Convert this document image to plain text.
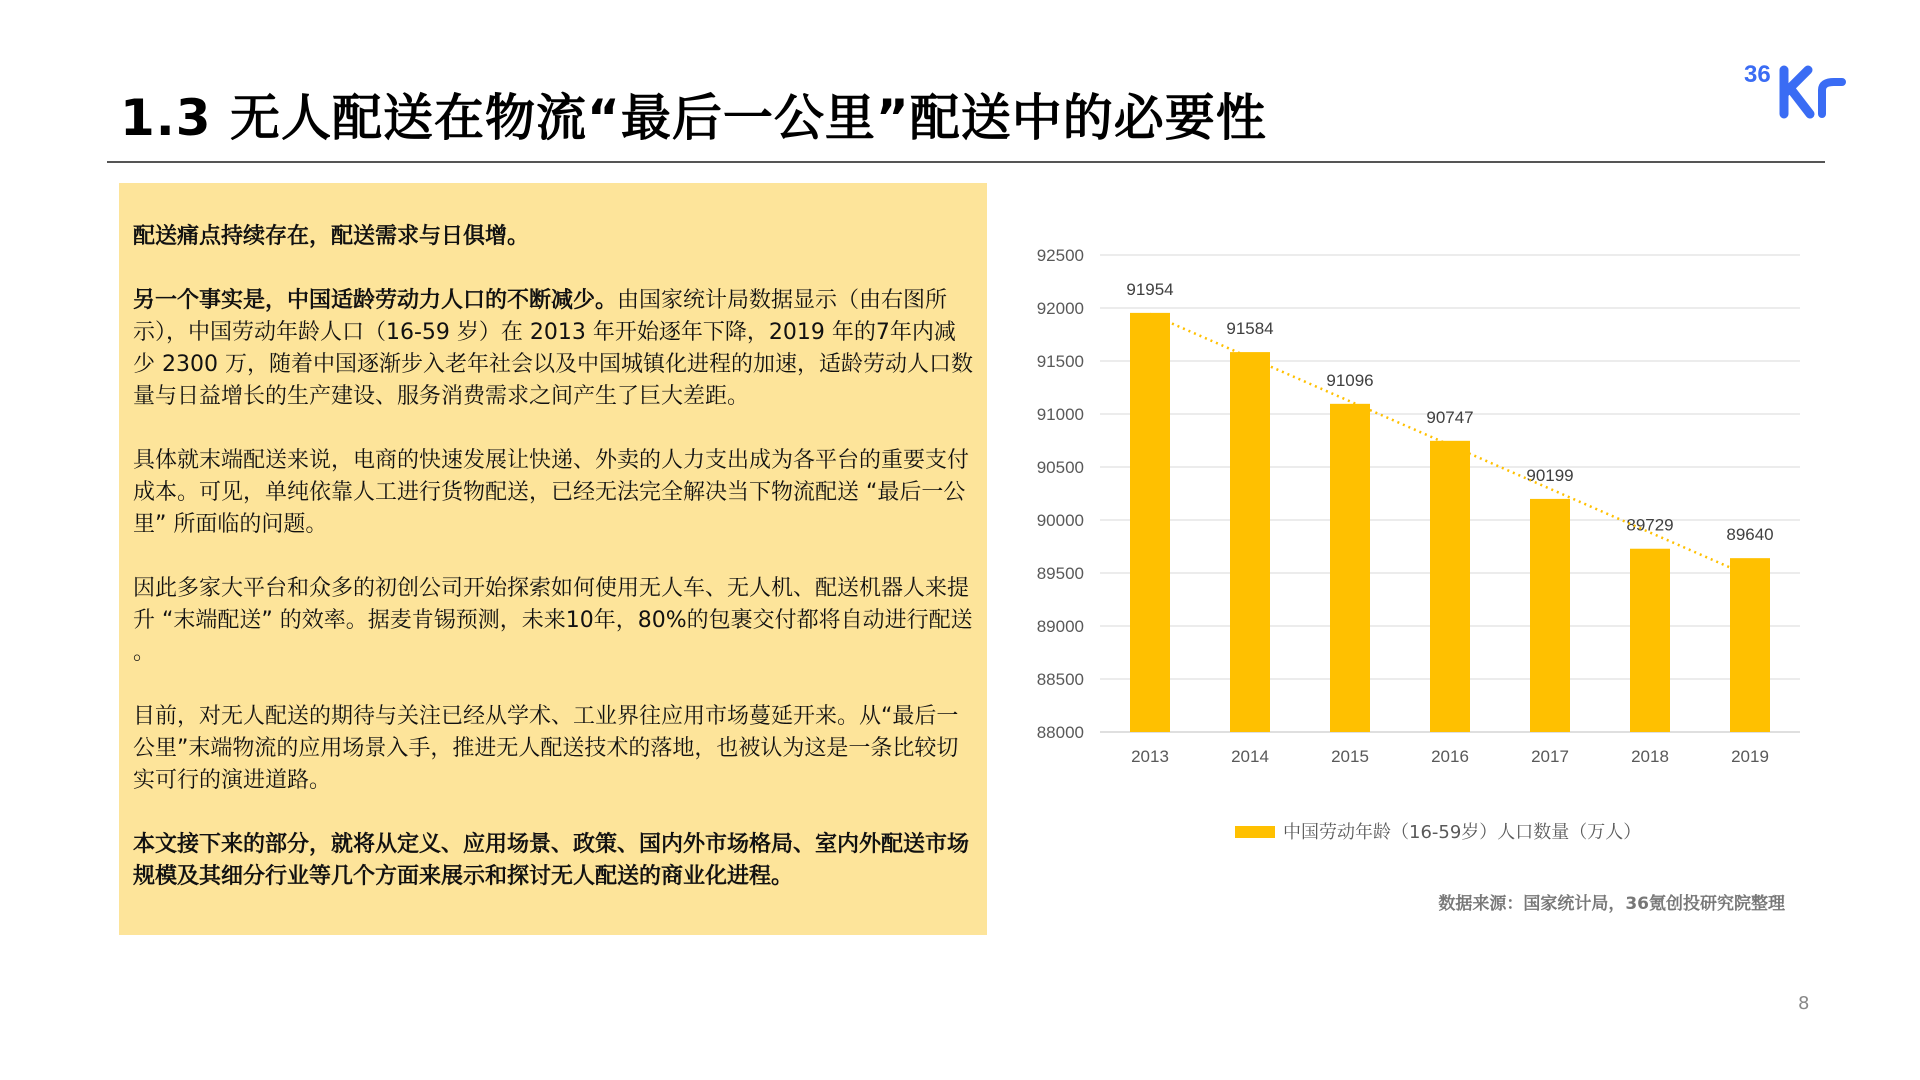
1.3 无人配送在物流“最后一公里”配送中的必要性
36

配送痛点持续存在，配送需求与日俱增。

另一个事实是，中国适龄劳动力人口的不断减少。由国家统计局数据显示（由右图所示），中国劳动年龄人口（16-59 岁）在 2013 年开始逐年下降，2019 年的7年内减少 2300 万，随着中国逐渐步入老年社会以及中国城镇化进程的加速，适龄劳动人口数量与日益增长的生产建设、服务消费需求之间产生了巨大差距。

具体就末端配送来说，电商的快速发展让快递、外卖的人力支出成为各平台的重要支付成本。可见，单纯依靠人工进行货物配送，已经无法完全解决当下物流配送 “最后一公里” 所面临的问题。

因此多家大平台和众多的初创公司开始探索如何使用无人车、无人机、配送机器人来提升 “末端配送” 的效率。据麦肯锡预测，未来10年，80%的包裹交付都将自动进行配送 。

目前，对无人配送的期待与关注已经从学术、工业界往应用市场蔓延开来。从“最后一公里”末端物流的应用场景入手，推进无人配送技术的落地，也被认为这是一条比较切实可行的演进道路。

本文接下来的部分，就将从定义、应用场景、政策、国内外市场格局、室内外配送市场规模及其细分行业等几个方面来展示和探讨无人配送的商业化进程。

92500
92000
91500
91000
90500
90000
89500
89000
88500
88000
91954
2013
91584
2014
91096
2015
90747
2016
90199
2017
89729
2018
89640
2019
中国劳动年龄（16-59岁）人口数量（万人）
数据来源：国家统计局，36氪创投研究院整理
8
